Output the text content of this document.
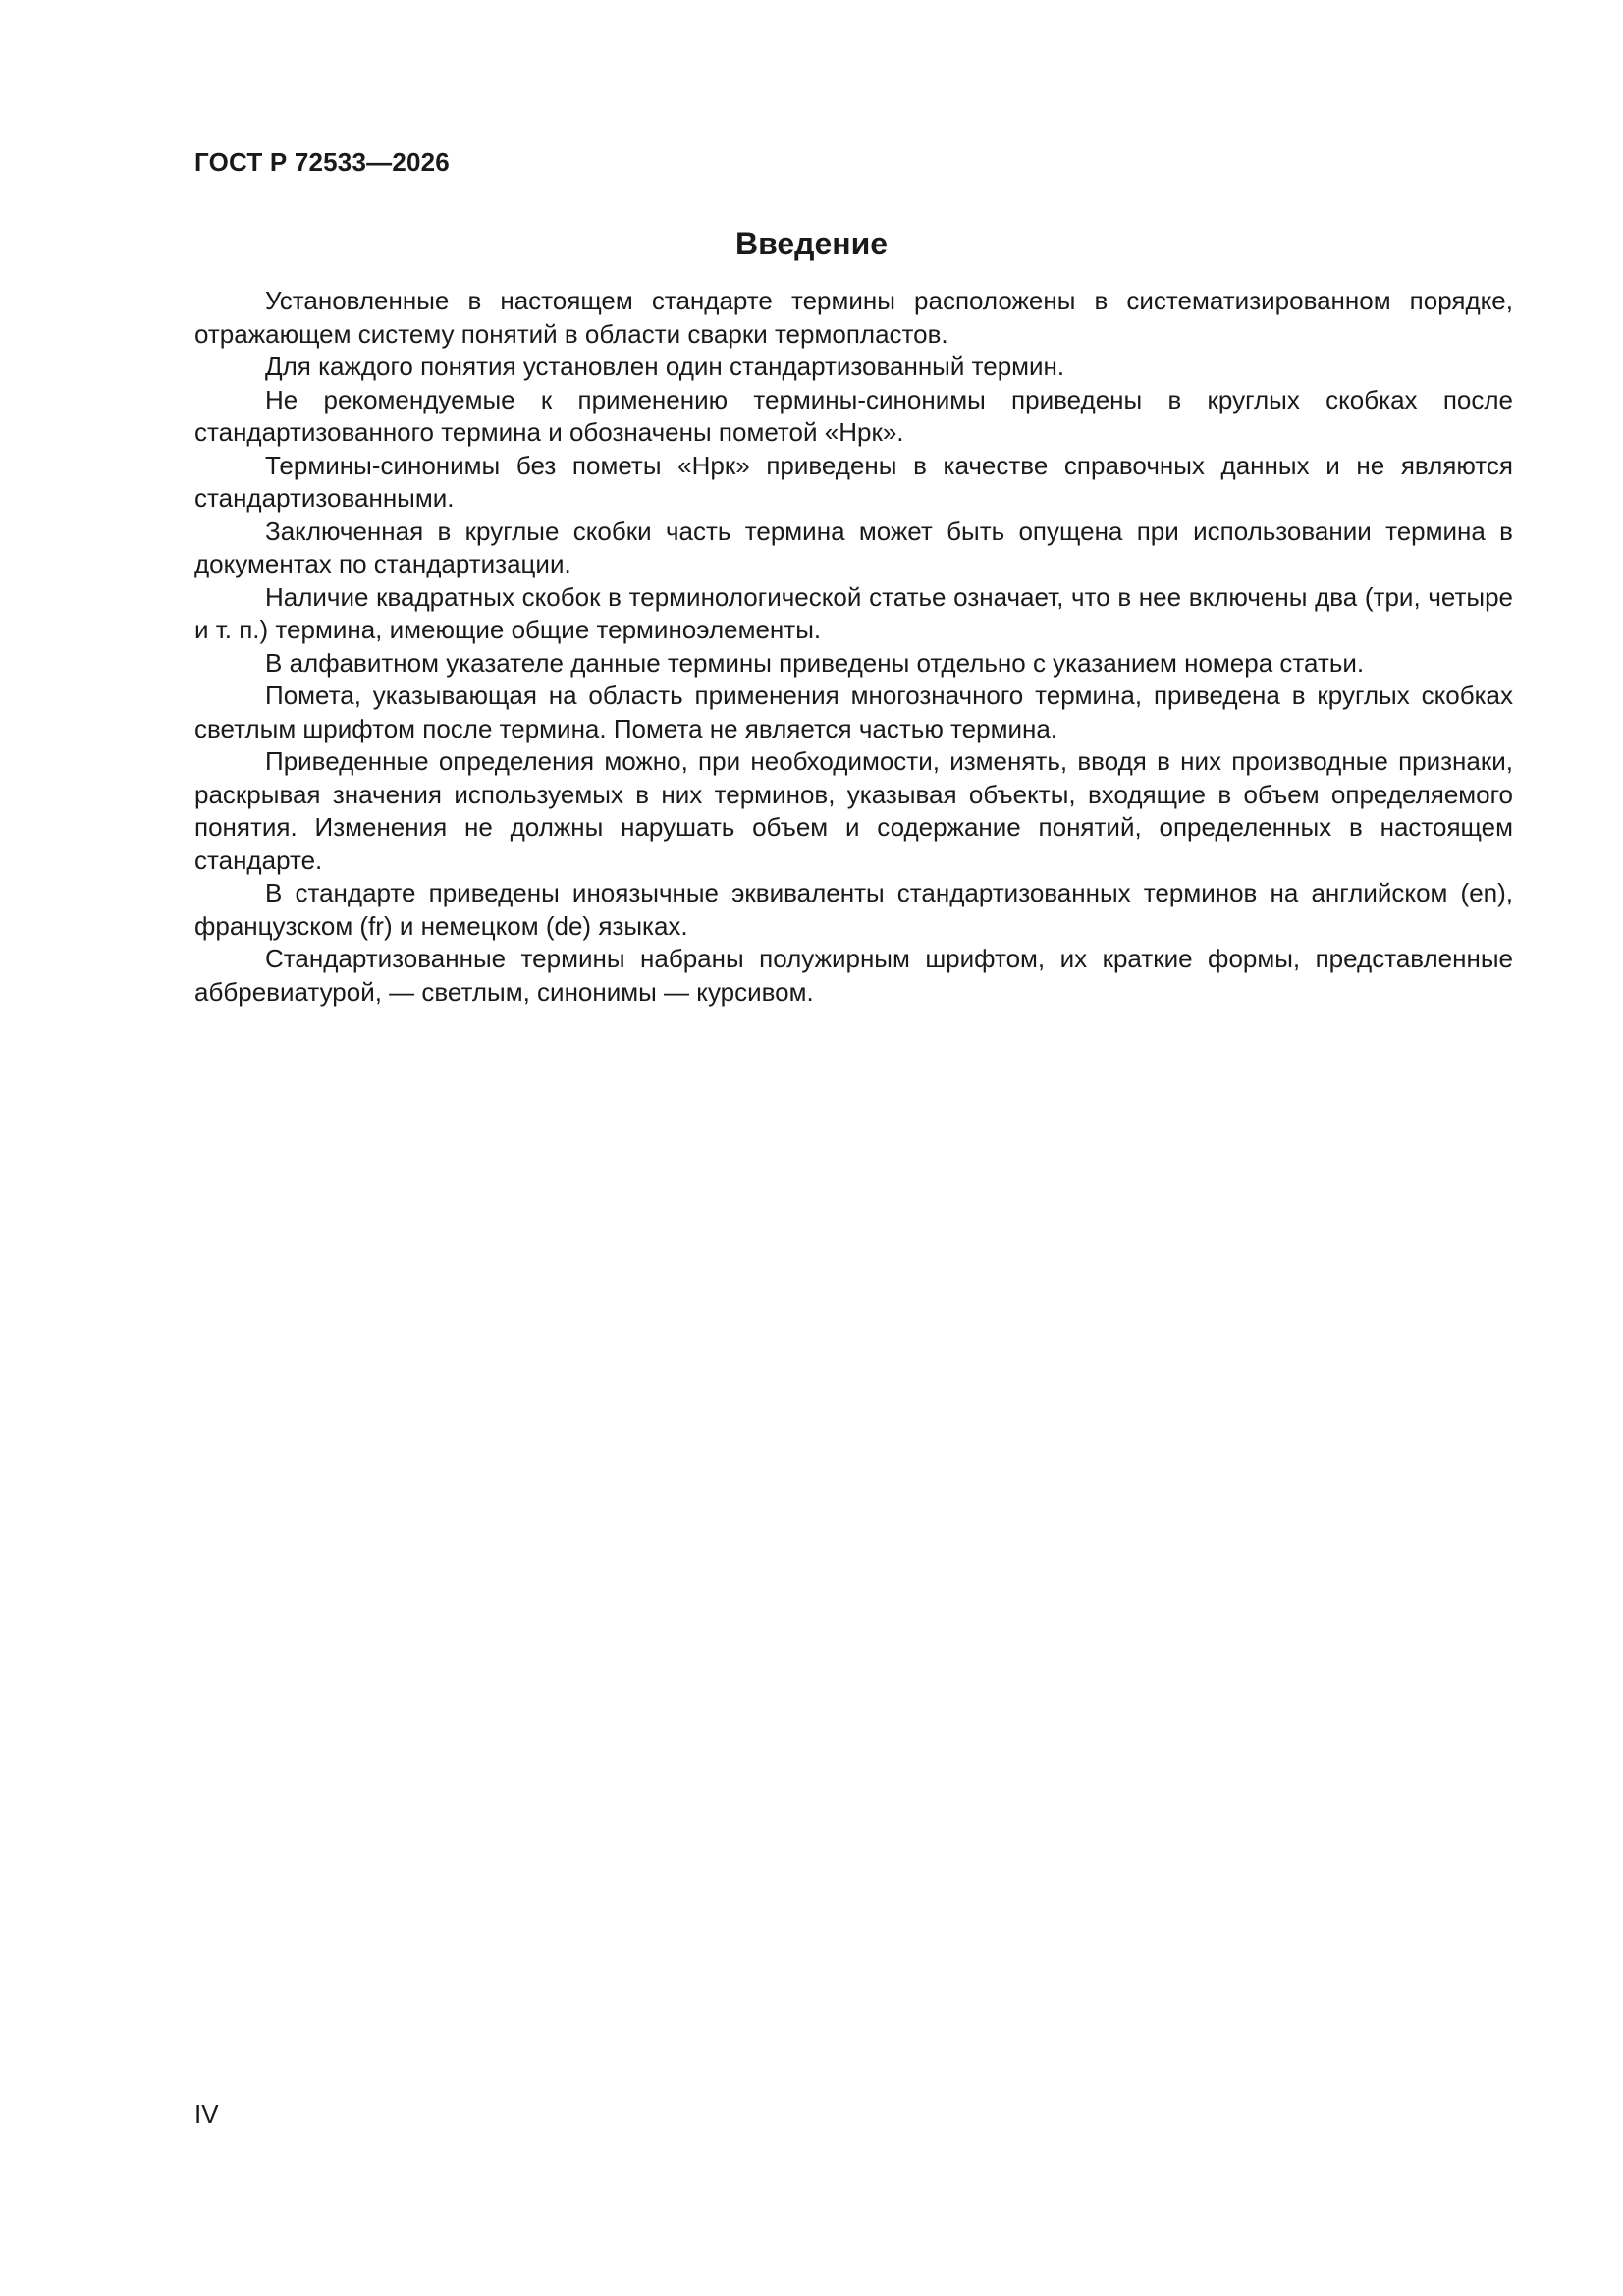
ГОСТ Р 72533—2026
Введение

Установленные в настоящем стандарте термины расположены в систематизированном порядке, отражающем систему понятий в области сварки термопластов.

Для каждого понятия установлен один стандартизованный термин.

Не рекомендуемые к применению термины-синонимы приведены в круглых скобках после стандартизованного термина и обозначены пометой «Нрк».

Термины-синонимы без пометы «Нрк» приведены в качестве справочных данных и не являются стандартизованными.

Заключенная в круглые скобки часть термина может быть опущена при использовании термина в документах по стандартизации.

Наличие квадратных скобок в терминологической статье означает, что в нее включены два (три, четыре и т. п.) термина, имеющие общие терминоэлементы.

В алфавитном указателе данные термины приведены отдельно с указанием номера статьи.

Помета, указывающая на область применения многозначного термина, приведена в круглых скобках светлым шрифтом после термина. Помета не является частью термина.

Приведенные определения можно, при необходимости, изменять, вводя в них производные признаки, раскрывая значения используемых в них терминов, указывая объекты, входящие в объем определяемого понятия. Изменения не должны нарушать объем и содержание понятий, определенных в настоящем стандарте.

В стандарте приведены иноязычные эквиваленты стандартизованных терминов на английском (en), французском (fr) и немецком (de) языках.

Стандартизованные термины набраны полужирным шрифтом, их краткие формы, представленные аббревиатурой, — светлым, синонимы — курсивом.

IV
